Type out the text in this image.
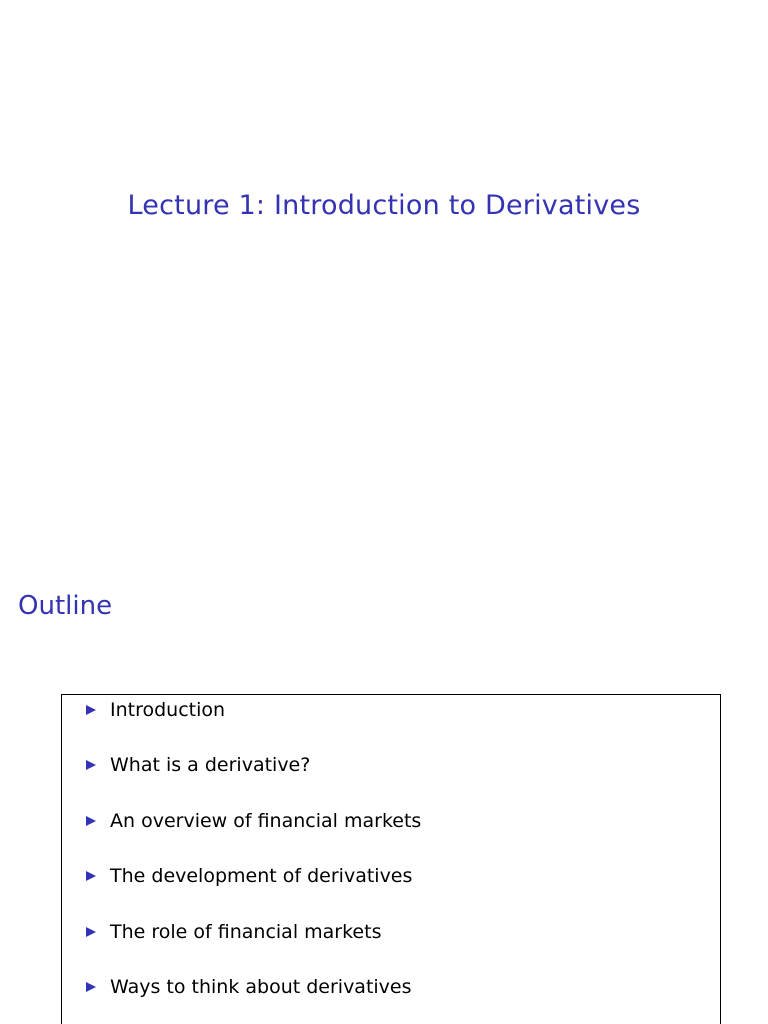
Lecture 1: Introduction to Derivatives
Outline
Introduction
What is a derivative?
An overview of financial markets
The development of derivatives
The role of financial markets
Ways to think about derivatives
